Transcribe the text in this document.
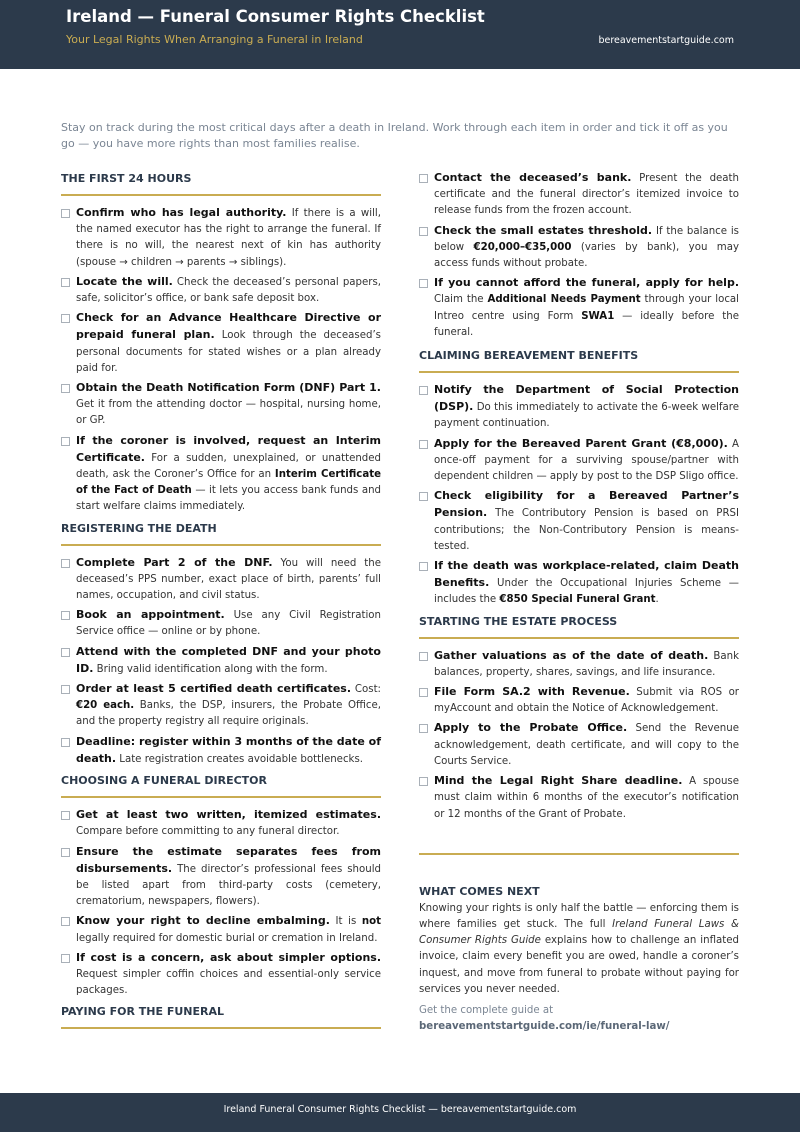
Ireland — Funeral Consumer Rights Checklist
Your Legal Rights When Arranging a Funeral in Ireland	bereavementstartguide.com

Stay on track during the most critical days after a death in Ireland. Work through each item in order and tick it off as you go — you have more rights than most families realise.

THE FIRST 24 HOURS
Confirm who has legal authority. If there is a will, the named executor has the right to arrange the funeral. If there is no will, the nearest next of kin has authority (spouse → children → parents → siblings).
Locate the will. Check the deceased’s personal papers, safe, solicitor’s office, or bank safe deposit box.
Check for an Advance Healthcare Directive or prepaid funeral plan. Look through the deceased’s personal documents for stated wishes or a plan already paid for.
Obtain the Death Notification Form (DNF) Part 1. Get it from the attending doctor — hospital, nursing home, or GP.
If the coroner is involved, request an Interim Certificate. For a sudden, unexplained, or unattended death, ask the Coroner’s Office for an Interim Certificate of the Fact of Death — it lets you access bank funds and start welfare claims immediately.
REGISTERING THE DEATH
Complete Part 2 of the DNF. You will need the deceased’s PPS number, exact place of birth, parents’ full names, occupation, and civil status.
Book an appointment. Use any Civil Registration Service office — online or by phone.
Attend with the completed DNF and your photo ID. Bring valid identification along with the form.
Order at least 5 certified death certificates. Cost: €20 each. Banks, the DSP, insurers, the Probate Office, and the property registry all require originals.
Deadline: register within 3 months of the date of death. Late registration creates avoidable bottlenecks.
CHOOSING A FUNERAL DIRECTOR
Get at least two written, itemized estimates. Compare before committing to any funeral director.
Ensure the estimate separates fees from disbursements. The director’s professional fees should be listed apart from third-party costs (cemetery, crematorium, newspapers, flowers).
Know your right to decline embalming. It is not legally required for domestic burial or cremation in Ireland.
If cost is a concern, ask about simpler options. Request simpler coffin choices and essential-only service packages.
PAYING FOR THE FUNERAL
Contact the deceased’s bank. Present the death certificate and the funeral director’s itemized invoice to release funds from the frozen account.
Check the small estates threshold. If the balance is below €20,000–€35,000 (varies by bank), you may access funds without probate.
If you cannot afford the funeral, apply for help. Claim the Additional Needs Payment through your local Intreo centre using Form SWA1 — ideally before the funeral.
CLAIMING BEREAVEMENT BENEFITS
Notify the Department of Social Protection (DSP). Do this immediately to activate the 6-week welfare payment continuation.
Apply for the Bereaved Parent Grant (€8,000). A once-off payment for a surviving spouse/partner with dependent children — apply by post to the DSP Sligo office.
Check eligibility for a Bereaved Partner’s Pension. The Contributory Pension is based on PRSI contributions; the Non-Contributory Pension is means-tested.
If the death was workplace-related, claim Death Benefits. Under the Occupational Injuries Scheme — includes the €850 Special Funeral Grant.
STARTING THE ESTATE PROCESS
Gather valuations as of the date of death. Bank balances, property, shares, savings, and life insurance.
File Form SA.2 with Revenue. Submit via ROS or myAccount and obtain the Notice of Acknowledgement.
Apply to the Probate Office. Send the Revenue acknowledgement, death certificate, and will copy to the Courts Service.
Mind the Legal Right Share deadline. A spouse must claim within 6 months of the executor’s notification or 12 months of the Grant of Probate.
WHAT COMES NEXT

Knowing your rights is only half the battle — enforcing them is where families get stuck. The full Ireland Funeral Laws & Consumer Rights Guide explains how to challenge an inflated invoice, claim every benefit you are owed, handle a coroner’s inquest, and move from funeral to probate without paying for services you never needed.

Get the complete guide at
bereavementstartguide.com/ie/funeral-law/
Ireland Funeral Consumer Rights Checklist — bereavementstartguide.com
